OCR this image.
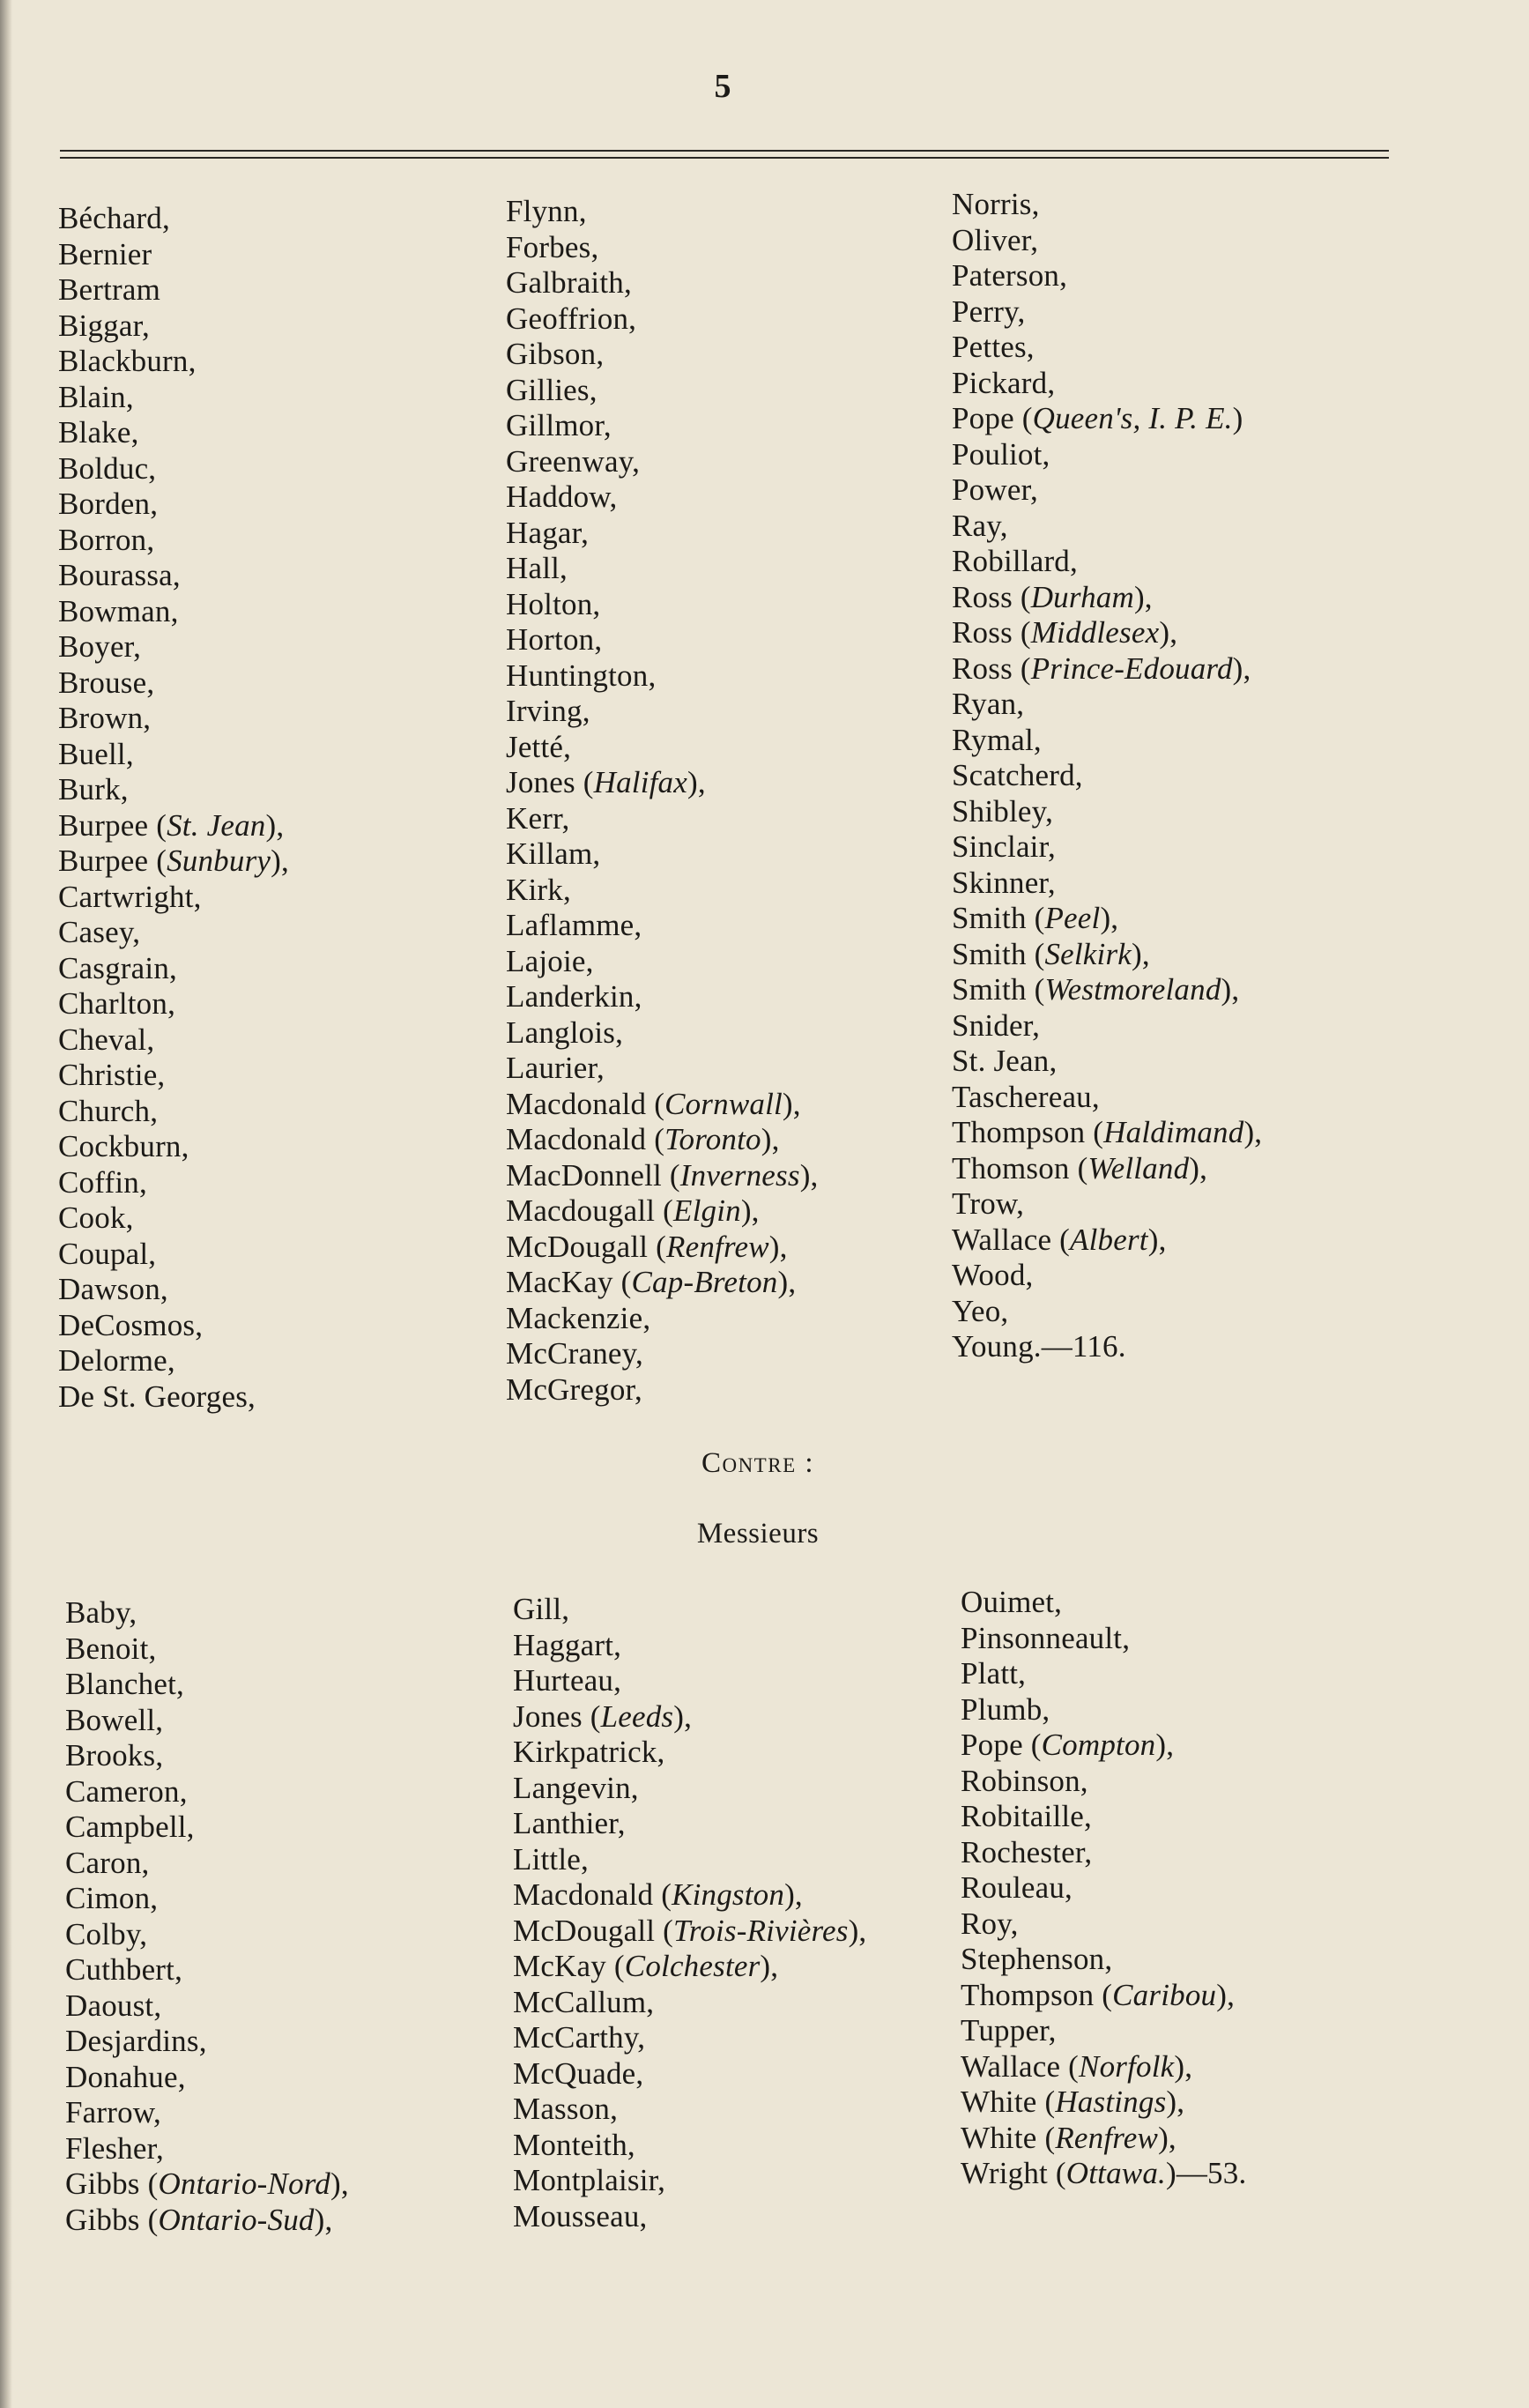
5
Béchard,
Bernier
Bertram
Biggar,
Blackburn,
Blain,
Blake,
Bolduc,
Borden,
Borron,
Bourassa,
Bowman,
Boyer,
Brouse,
Brown,
Buell,
Burk,
Burpee (St. Jean),
Burpee (Sunbury),
Cartwright,
Casey,
Casgrain,
Charlton,
Cheval,
Christie,
Church,
Cockburn,
Coffin,
Cook,
Coupal,
Dawson,
DeCosmos,
Delorme,
De St. Georges,
Flynn,
Forbes,
Galbraith,
Geoffrion,
Gibson,
Gillies,
Gillmor,
Greenway,
Haddow,
Hagar,
Hall,
Holton,
Horton,
Huntington,
Irving,
Jetté,
Jones (Halifax),
Kerr,
Killam,
Kirk,
Laflamme,
Lajoie,
Landerkin,
Langlois,
Laurier,
Macdonald (Cornwall),
Macdonald (Toronto),
MacDonnell (Inverness),
Macdougall (Elgin),
McDougall (Renfrew),
MacKay (Cap-Breton),
Mackenzie,
McCraney,
McGregor,
Norris,
Oliver,
Paterson,
Perry,
Pettes,
Pickard,
Pope (Queen's, I. P. E.)
Pouliot,
Power,
Ray,
Robillard,
Ross (Durham),
Ross (Middlesex),
Ross (Prince-Edouard),
Ryan,
Rymal,
Scatcherd,
Shibley,
Sinclair,
Skinner,
Smith (Peel),
Smith (Selkirk),
Smith (Westmoreland),
Snider,
St. Jean,
Taschereau,
Thompson (Haldimand),
Thomson (Welland),
Trow,
Wallace (Albert),
Wood,
Yeo,
Young.—116.
Contre :
Messieurs
Baby,
Benoit,
Blanchet,
Bowell,
Brooks,
Cameron,
Campbell,
Caron,
Cimon,
Colby,
Cuthbert,
Daoust,
Desjardins,
Donahue,
Farrow,
Flesher,
Gibbs (Ontario-Nord),
Gibbs (Ontario-Sud),
Gill,
Haggart,
Hurteau,
Jones (Leeds),
Kirkpatrick,
Langevin,
Lanthier,
Little,
Macdonald (Kingston),
McDougall (Trois-Rivières),
McKay (Colchester),
McCallum,
McCarthy,
McQuade,
Masson,
Monteith,
Montplaisir,
Mousseau,
Ouimet,
Pinsonneault,
Platt,
Plumb,
Pope (Compton),
Robinson,
Robitaille,
Rochester,
Rouleau,
Roy,
Stephenson,
Thompson (Caribou),
Tupper,
Wallace (Norfolk),
White (Hastings),
White (Renfrew),
Wright (Ottawa.)—53.
